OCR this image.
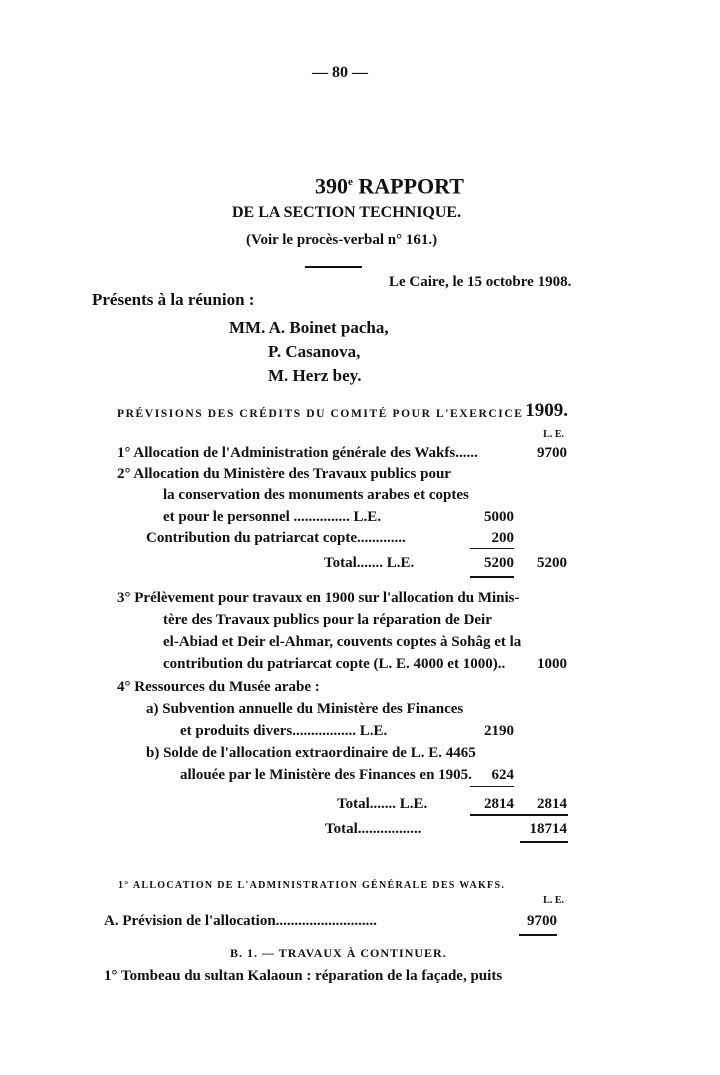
— 80 —
390e RAPPORT
DE LA SECTION TECHNIQUE.
(Voir le procès-verbal n° 161.)
Le Caire, le 15 octobre 1908.
Présents à la réunion :
MM. A. Boinet pacha,
P. Casanova,
M. Herz bey.
PRÉVISIONS DES CRÉDITS DU COMITÉ POUR L'EXERCICE 1909.
L. E.
1° Allocation de l'Administration générale des Wakfs......	9700
2° Allocation du Ministère des Travaux publics pour
la conservation des monuments arabes et coptes
et pour le personnel ............... L.E.	5000
Contribution du patriarcat copte.............	200
Total....... L.E.	5200 5200
3° Prélèvement pour travaux en 1900 sur l'allocation du Minis-
tère des Travaux publics pour la réparation de Deir
el-Abiad et Deir el-Ahmar, couvents coptes à Sohâg et la
contribution du patriarcat copte (L. E. 4000 et 1000).. 1000
4° Ressources du Musée arabe :
a) Subvention annuelle du Ministère des Finances
et produits divers................. L.E.	2190
b) Solde de l'allocation extraordinaire de L. E. 4465
allouée par le Ministère des Finances en 1905. 624
Total....... L.E.	2814 2814
Total.................	18714
1° ALLOCATION DE L'ADMINISTRATION GÉNÉRALE DES WAKFS.
L. E.
A. Prévision de l'allocation...........................	9700
B. 1. — TRAVAUX À CONTINUER.
1° Tombeau du sultan Kalaoun : réparation de la façade, puits
